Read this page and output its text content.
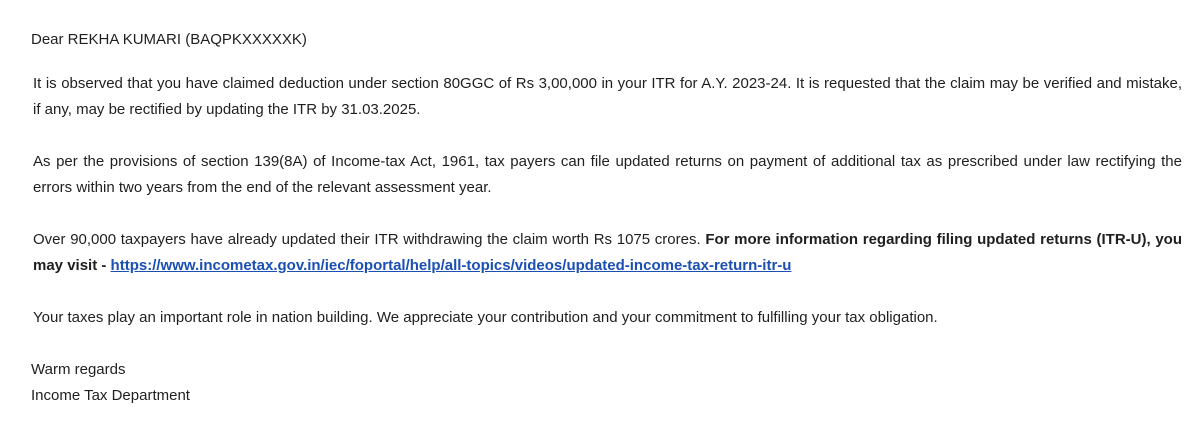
Dear REKHA KUMARI (BAQPKXXXXXK)

It is observed that you have claimed deduction under section 80GGC of Rs 3,00,000 in your ITR for A.Y. 2023-24. It is requested that the claim may be verified and mistake, if any, may be rectified by updating the ITR by 31.03.2025.

As per the provisions of section 139(8A) of Income-tax Act, 1961, tax payers can file updated returns on payment of additional tax as prescribed under law rectifying the errors within two years from the end of the relevant assessment year.

Over 90,000 taxpayers have already updated their ITR withdrawing the claim worth Rs 1075 crores. For more information regarding filing updated returns (ITR-U), you may visit - https://www.incometax.gov.in/iec/foportal/help/all-topics/videos/updated-income-tax-return-itr-u

Your taxes play an important role in nation building. We appreciate your contribution and your commitment to fulfilling your tax obligation.

Warm regards

Income Tax Department
